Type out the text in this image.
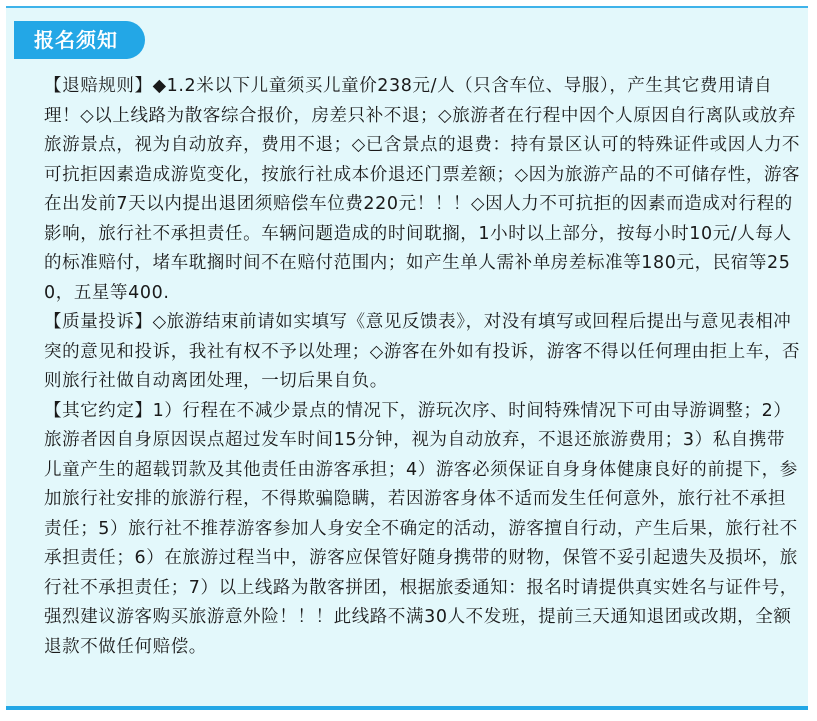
报名须知

【退赔规则】◆1.2米以下儿童须买儿童价238元/人（只含车位、导服），产生其它费用请自理！◇以上线路为散客综合报价，房差只补不退；◇旅游者在行程中因个人原因自行离队或放弃旅游景点，视为自动放弃，费用不退；◇已含景点的退费：持有景区认可的特殊证件或因人力不可抗拒因素造成游览变化，按旅行社成本价退还门票差额；◇因为旅游产品的不可储存性，游客在出发前7天以内提出退团须赔偿车位费220元！！！◇因人力不可抗拒的因素而造成对行程的影响，旅行社不承担责任。车辆问题造成的时间耽搁，1小时以上部分，按每小时10元/人每人的标准赔付，堵车耽搁时间不在赔付范围内；如产生单人需补单房差标准等180元，民宿等250，五星等400.

【质量投诉】◇旅游结束前请如实填写《意见反馈表》，对没有填写或回程后提出与意见表相冲突的意见和投诉，我社有权不予以处理；◇游客在外如有投诉，游客不得以任何理由拒上车，否则旅行社做自动离团处理，一切后果自负。

【其它约定】1）行程在不减少景点的情况下，游玩次序、时间特殊情况下可由导游调整；2）旅游者因自身原因误点超过发车时间15分钟，视为自动放弃，不退还旅游费用；3）私自携带儿童产生的超载罚款及其他责任由游客承担；4）游客必须保证自身身体健康良好的前提下，参加旅行社安排的旅游行程，不得欺骗隐瞒，若因游客身体不适而发生任何意外，旅行社不承担责任；5）旅行社不推荐游客参加人身安全不确定的活动，游客擅自行动，产生后果，旅行社不承担责任；6）在旅游过程当中，游客应保管好随身携带的财物，保管不妥引起遗失及损坏，旅行社不承担责任；7）以上线路为散客拼团，根据旅委通知：报名时请提供真实姓名与证件号，强烈建议游客购买旅游意外险！！！此线路不满30人不发班，提前三天通知退团或改期，全额退款不做任何赔偿。
